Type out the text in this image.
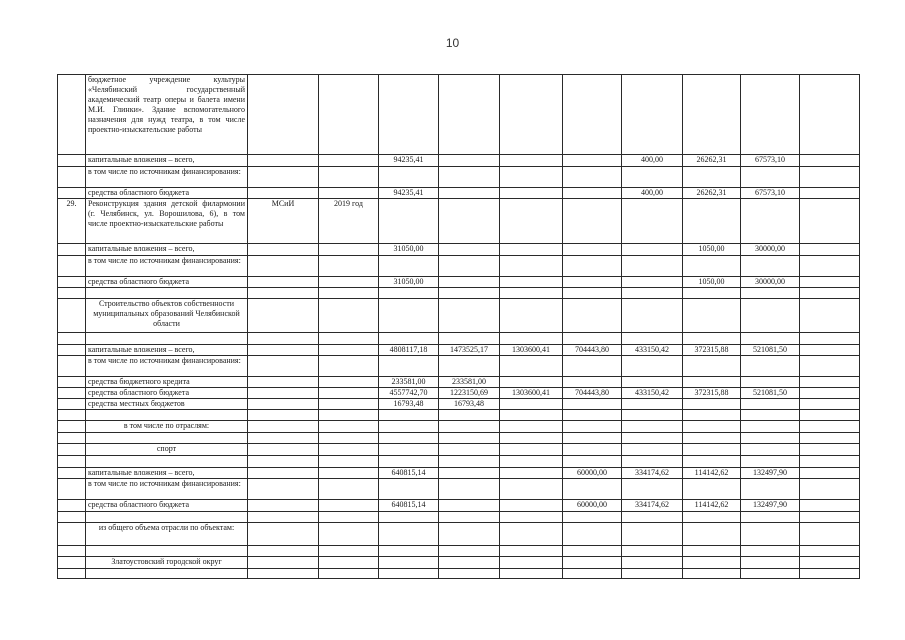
10
	бюджетное учреждение культуры «Челябинский государственный академический театр оперы и балета имени М.И. Глинки». Здание вспомогательного назначения для нужд театра, в том числе проектно-изыскательские работы										
	капитальные вложения – всего,			94235,41				400,00	26262,31	67573,10	
	в том числе по источникам финансирования:										
	средства областного бюджета			94235,41				400,00	26262,31	67573,10	
29.	Реконструкция здания детской филармонии (г. Челябинск, ул. Ворошилова, 6), в том числе проектно-изыскательские работы	МСиИ	2019 год								
	капитальные вложения – всего,			31050,00					1050,00	30000,00	
	в том числе по источникам финансирования:										
	средства областного бюджета			31050,00					1050,00	30000,00	

	Строительство объектов собственности муниципальных образований Челябинской области										

	капитальные вложения – всего,			4808117,18	1473525,17	1303600,41	704443,80	433150,42	372315,88	521081,50	
	в том числе по источникам финансирования:										
	средства бюджетного кредита			233581,00	233581,00						
	средства областного бюджета			4557742,70	1223150,69	1303600,41	704443,80	433150,42	372315,88	521081,50	
	средства местных бюджетов			16793,48	16793,48						

	в том числе по отраслям:										

	спорт										

	капитальные вложения – всего,			640815,14			60000,00	334174,62	114142,62	132497,90	
	в том числе по источникам финансирования:										
	средства областного бюджета			640815,14			60000,00	334174,62	114142,62	132497,90	

	из общего объема отрасли по объектам:										

	Златоустовский городской округ										
